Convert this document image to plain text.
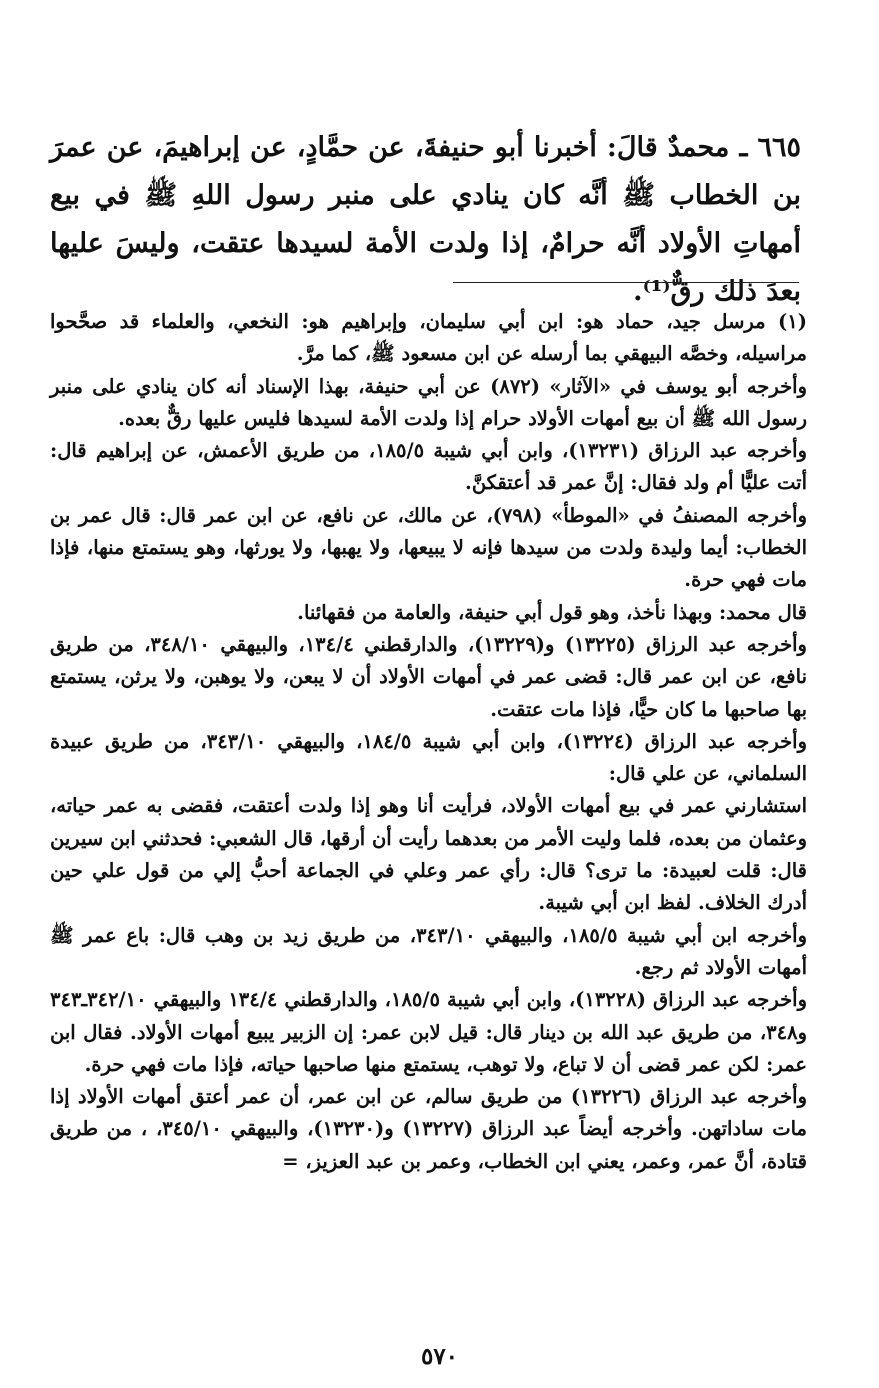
٦٦٥ ـ محمدٌ قالَ: أخبرنا أبو حنيفةَ، عن حمَّادٍ، عن إبراهيمَ، عن عمرَ بن الخطاب ﷺ أنَّه كان ينادي على منبر رسول اللهِ ﷺ في بيع أمهاتِ الأولاد أنَّه حرامٌ، إذا ولدت الأمة لسيدها عتقت، وليسَ عليها بعدَ ذلك رقٌّ⁽¹⁾.

(١) مرسل جيد، حماد هو: ابن أبي سليمان، وإبراهيم هو: النخعي، والعلماء قد صحَّحوا مراسيله، وخصَّه البيهقي بما أرسله عن ابن مسعود ﷺ، كما مرَّ.

وأخرجه أبو يوسف في «الآثار» (٨٧٢) عن أبي حنيفة، بهذا الإسناد أنه كان ينادي على منبر رسول الله ﷺ أن بيع أمهات الأولاد حرام إذا ولدت الأمة لسيدها فليس عليها رقٌّ بعده.

وأخرجه عبد الرزاق (١٣٢٣١)، وابن أبي شيبة ١٨٥/٥، من طريق الأعمش، عن إبراهيم قال: أتت عليًّا أم ولد فقال: إنَّ عمر قد أعتقكنَّ.

وأخرجه المصنفُ في «الموطأ» (٧٩٨)، عن مالك، عن نافع، عن ابن عمر قال: قال عمر بن الخطاب: أيما وليدة ولدت من سيدها فإنه لا يبيعها، ولا يهبها، ولا يورثها، وهو يستمتع منها، فإذا مات فهي حرة.

قال محمد: وبهذا نأخذ، وهو قول أبي حنيفة، والعامة من فقهائنا.

وأخرجه عبد الرزاق (١٣٢٢٥) و(١٣٢٢٩)، والدارقطني ١٣٤/٤، والبيهقي ٣٤٨/١٠، من طريق نافع، عن ابن عمر قال: قضى عمر في أمهات الأولاد أن لا يبعن، ولا يوهبن، ولا يرثن، يستمتع بها صاحبها ما كان حيًّا، فإذا مات عتقت.

وأخرجه عبد الرزاق (١٣٢٢٤)، وابن أبي شيبة ١٨٤/٥، والبيهقي ٣٤٣/١٠، من طريق عبيدة السلماني، عن علي قال:

استشارني عمر في بيع أمهات الأولاد، فرأيت أنا وهو إذا ولدت أعتقت، فقضى به عمر حياته، وعثمان من بعده، فلما وليت الأمر من بعدهما رأيت أن أرقها، قال الشعبي: فحدثني ابن سيرين قال: قلت لعبيدة: ما ترى؟ قال: رأي عمر وعلي في الجماعة أحبُّ إلي من قول علي حين أدرك الخلاف. لفظ ابن أبي شيبة.

وأخرجه ابن أبي شيبة ١٨٥/٥، والبيهقي ٣٤٣/١٠، من طريق زيد بن وهب قال: باع عمر ﷺ أمهات الأولاد ثم رجع.

وأخرجه عبد الرزاق (١٣٢٢٨)، وابن أبي شيبة ١٨٥/٥، والدارقطني ١٣٤/٤ والبيهقي ٣٤٢/١٠ـ٣٤٣ و٣٤٨، من طريق عبد الله بن دينار قال: قيل لابن عمر: إن الزبير يبيع أمهات الأولاد. فقال ابن عمر: لكن عمر قضى أن لا تباع، ولا توهب، يستمتع منها صاحبها حياته، فإذا مات فهي حرة.

وأخرجه عبد الرزاق (١٣٢٢٦) من طريق سالم، عن ابن عمر، أن عمر أعتق أمهات الأولاد إذا مات ساداتهن. وأخرجه أيضاً عبد الرزاق (١٣٢٢٧) و(١٣٢٣٠)، والبيهقي ٣٤٥/١٠، ، من طريق قتادة، أنَّ عمر، وعمر، يعني ابن الخطاب، وعمر بن عبد العزيز، =

٥٧٠
